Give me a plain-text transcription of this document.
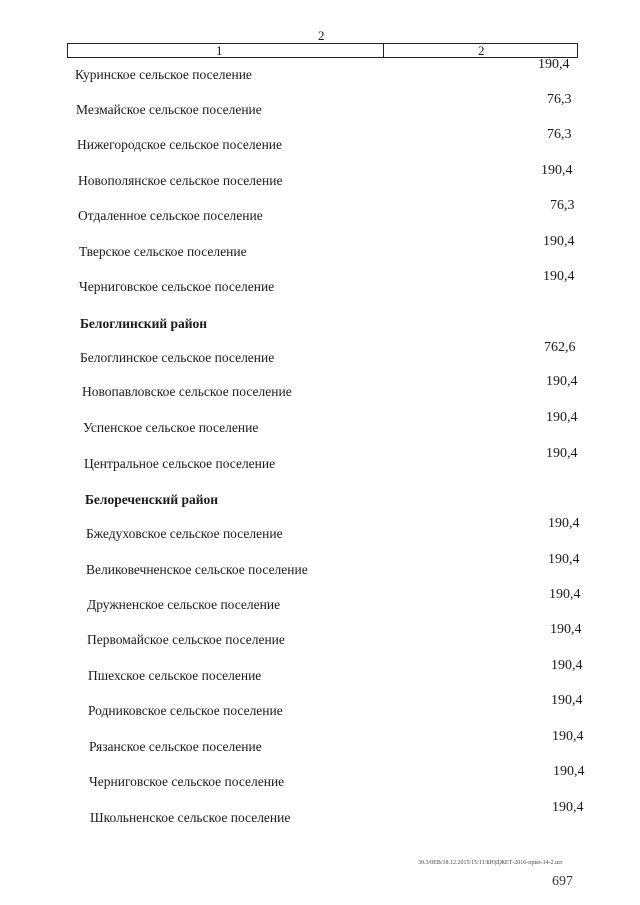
2
1	2
Куринское сельское поселение
190,4
Мезмайское сельское поселение
76,3
Нижегородское сельское поселение
76,3
Новополянское сельское поселение
190,4
Отдаленное сельское поселение
76,3
Тверское сельское поселение
190,4
Черниговское сельское поселение
190,4
Белоглинский район
Белоглинское сельское поселение
762,6
Новопавловское сельское поселение
190,4
Успенское сельское поселение
190,4
Центральное сельское поселение
190,4
Белореченский район
Бжедуховское сельское поселение
190,4
Великовечненское сельское поселение
190,4
Дружненское сельское поселение
190,4
Первомайское сельское поселение
190,4
Пшехское сельское поселение
190,4
Родниковское сельское поселение
190,4
Рязанское сельское поселение
190,4
Черниговское сельское поселение
190,4
Школьненское сельское поселение
190,4
30.3/0ЕВ/18.12.2015/15:11/БЮДЖЕТ-2016-прил-14-2.шт
697
